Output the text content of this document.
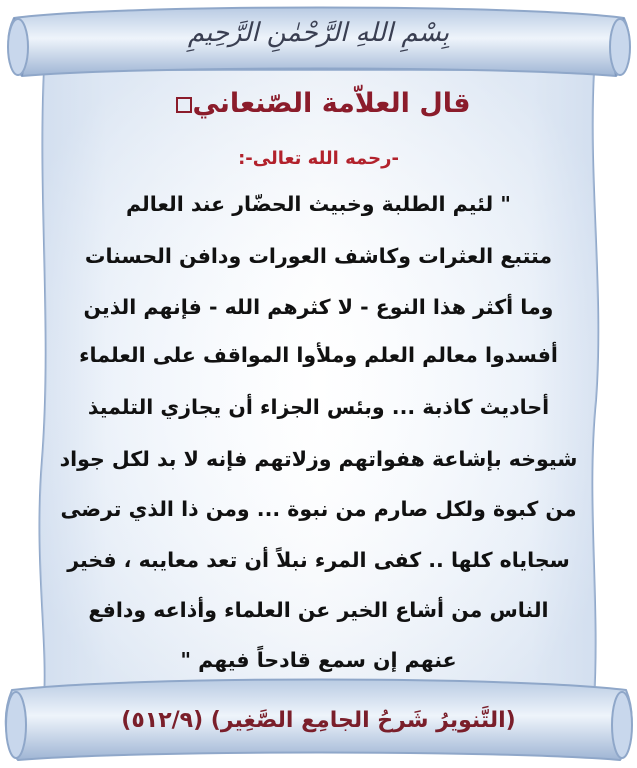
بِسْمِ اللهِ الرَّحْمٰنِ الرَّحِيمِ
قال العلاّمة الصّنعاني
-رحمه الله تعالى-:
" لئيم الطلبة وخبيث الحضّار عند العالم
متتبع العثرات وكاشف العورات ودافن الحسنات
وما أكثر هذا النوع - لا كثرهم الله - فإنهم الذين
أفسدوا معالم العلم وملأوا المواقف على العلماء
أحاديث كاذبة ... وبئس الجزاء أن يجازي التلميذ
شيوخه بإشاعة هفواتهم وزلاتهم فإنه لا بد لكل جواد
من كبوة ولكل صارم من نبوة ... ومن ذا الذي ترضى
سجاياه كلها .. كفى المرء نبلاً أن تعد معايبه ، فخير
الناس من أشاع الخير عن العلماء وأذاعه ودافع
عنهم إن سمع قادحاً فيهم "
(التَّنويرُ شَرحُ الجامِع الصَّغِير) (٥١٢/٩)
